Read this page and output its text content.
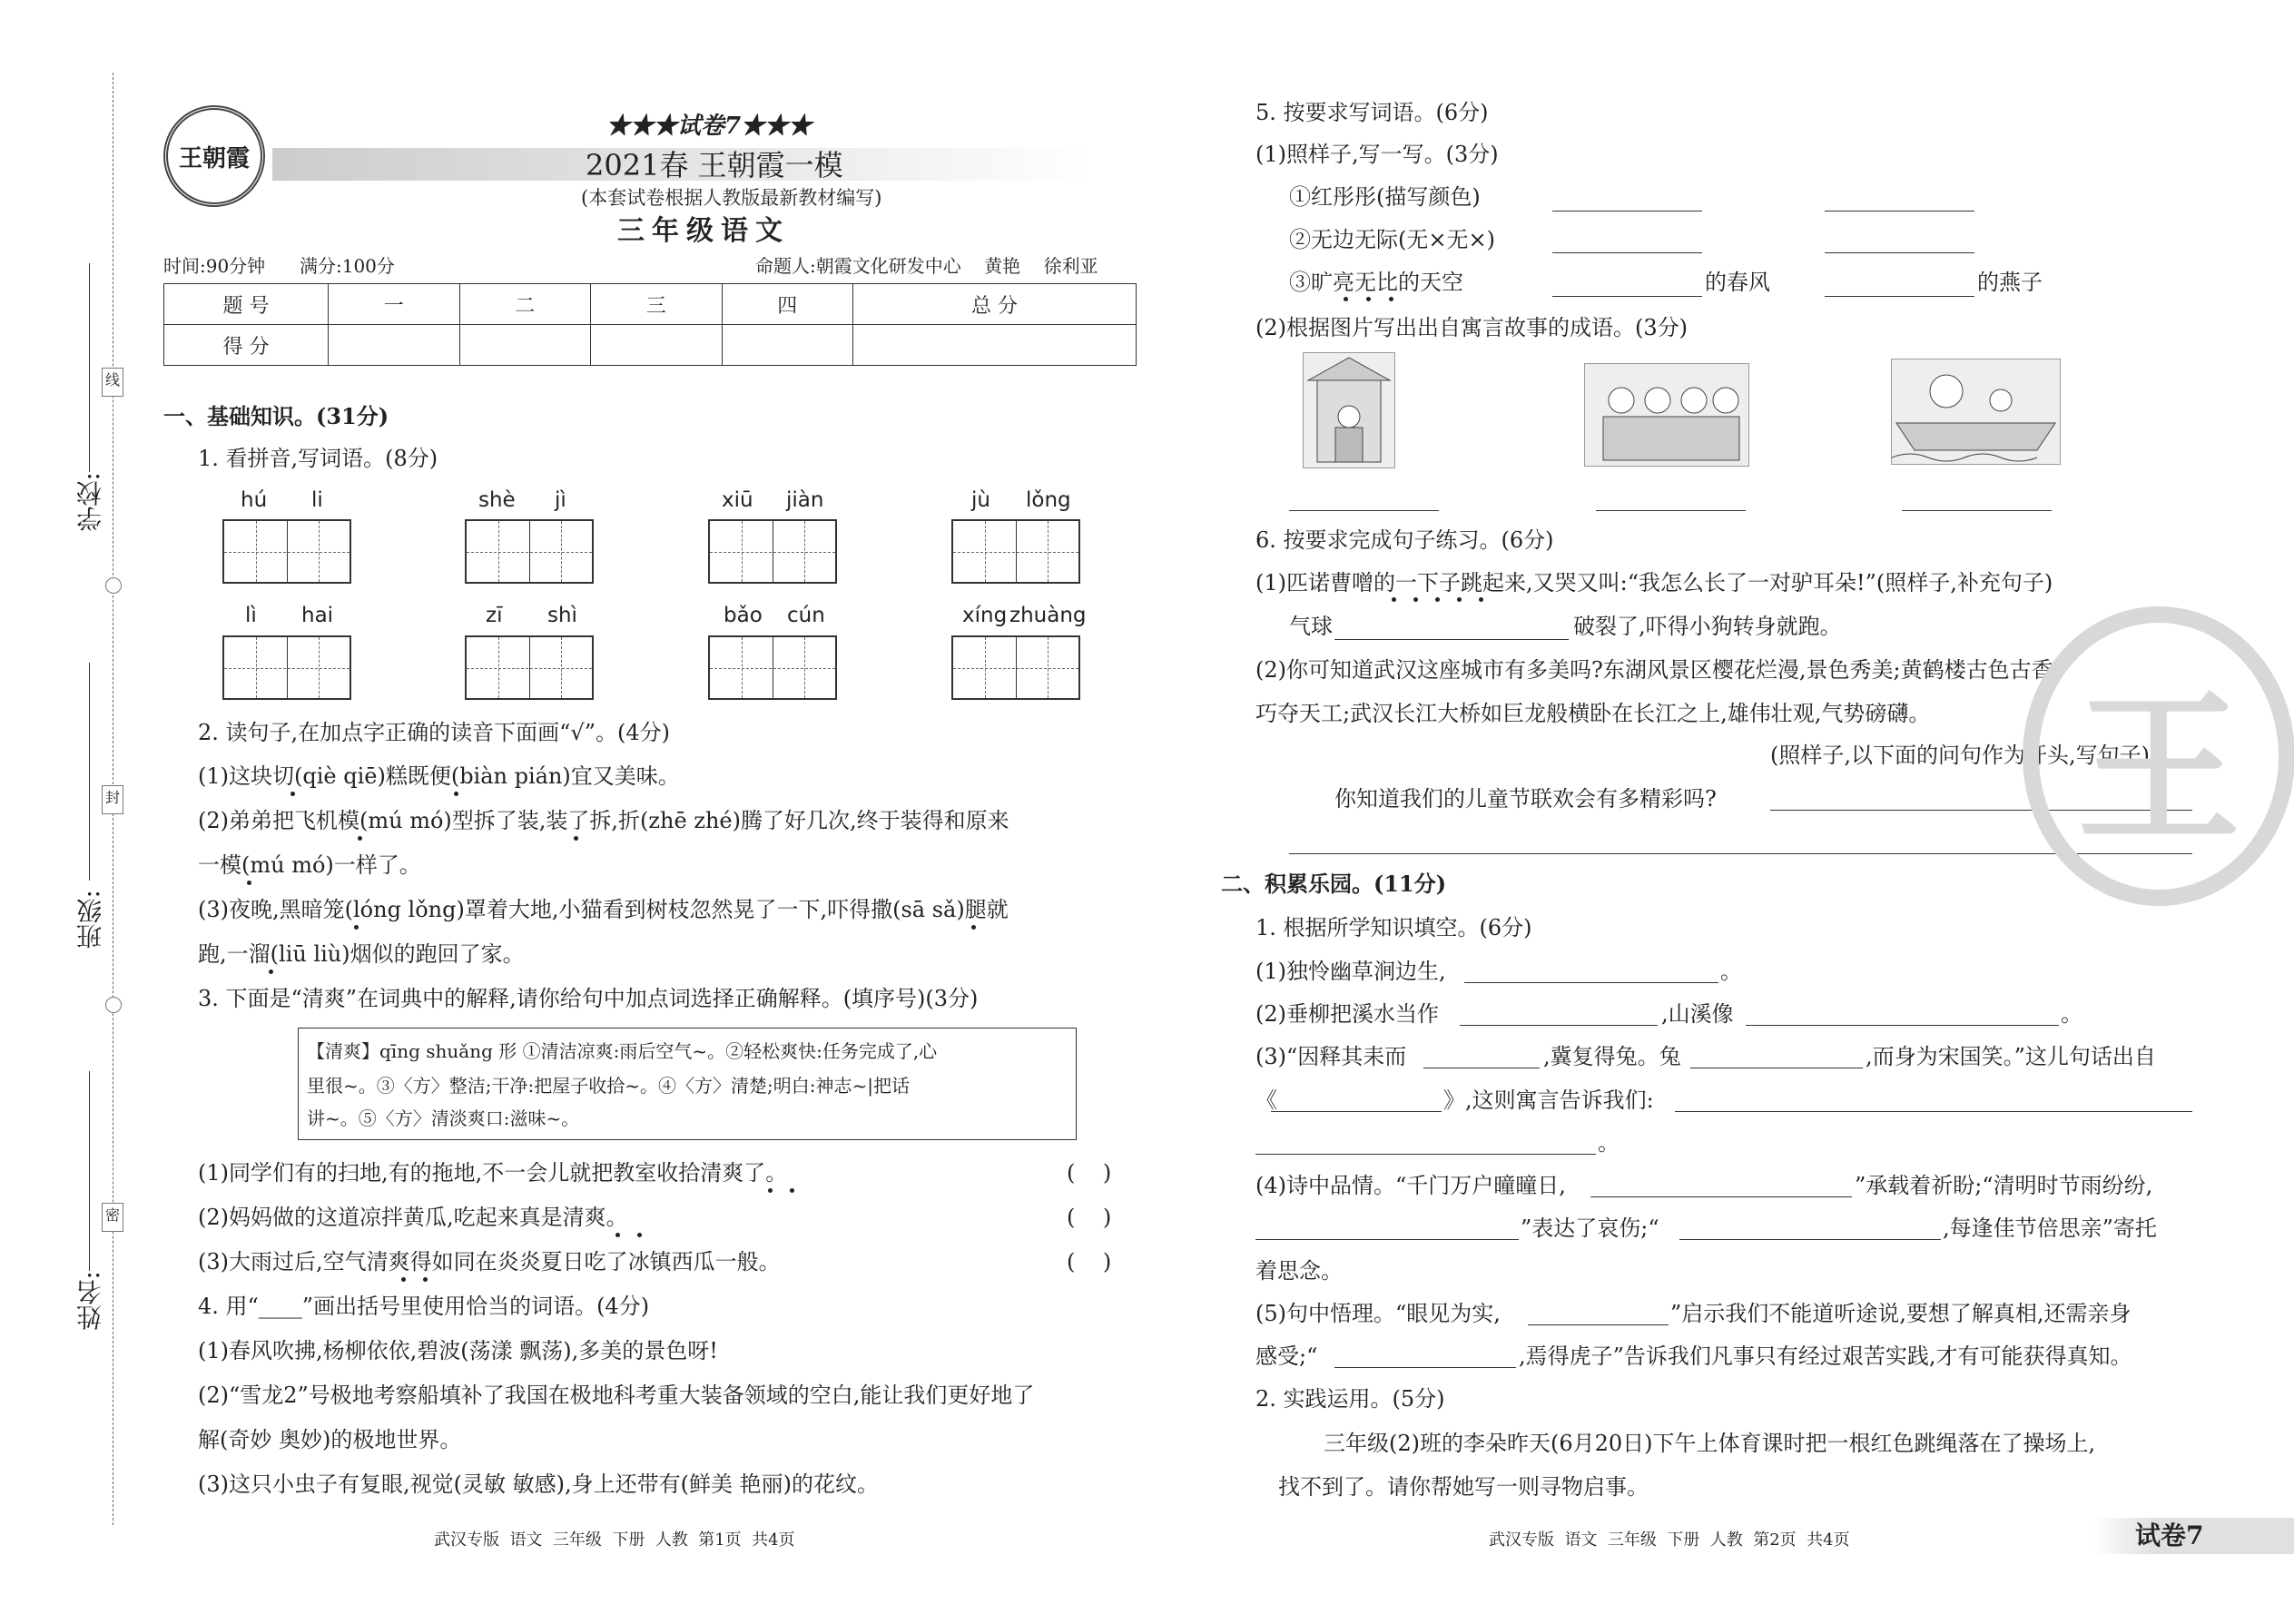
学校:
班级:
姓名:
线
封
密
王朝霞
★★★试卷7★★★
2021春 王朝霞一模
(本套试卷根据人教版最新教材编写)
三年级语文
时间:90分钟 满分:100分	命题人:朝霞文化研发中心    黄艳    徐利亚
题 号	一	二	三	四	总 分
得 分					
一、基础知识。(31分)
1. 看拼音,写词语。(8分)
hú li	shè jì	xiū jiàn	jù lǒng
lì hai	zī shì	bǎo cún	xíng zhuàng
2. 读句子,在加点字正确的读音下面画“√”。(4分)
(1)这块切(qiè qiē)糕既便(biàn pián)宜又美味。
(2)弟弟把飞机模(mú mó)型拆了装,装了拆,折(zhē zhé)腾了好几次,终于装得和原来
一模(mú mó)一样了。
(3)夜晚,黑暗笼(lóng lǒng)罩着大地,小猫看到树枝忽然晃了一下,吓得撒(sā sǎ)腿就
跑,一溜(liū liù)烟似的跑回了家。
3. 下面是“清爽”在词典中的解释,请你给句中加点词选择正确解释。(填序号)(3分)
【清爽】qīng shuǎng 形 ①清洁凉爽:雨后空气~。②轻松爽快:任务完成了,心
里很~。③〈方〉整洁;干净:把屋子收拾~。④〈方〉清楚;明白:神志~|把话
讲~。⑤〈方〉清淡爽口:滋味~。
(1)同学们有的扫地,有的拖地,不一会儿就把教室收拾清爽了。	(    )
(2)妈妈做的这道凉拌黄瓜,吃起来真是清爽。	(    )
(3)大雨过后,空气清爽得如同在炎炎夏日吃了冰镇西瓜一般。	(    )
4. 用“____”画出括号里使用恰当的词语。(4分)
(1)春风吹拂,杨柳依依,碧波(荡漾 飘荡),多美的景色呀!
(2)“雪龙2”号极地考察船填补了我国在极地科考重大装备领域的空白,能让我们更好地了
解(奇妙 奥妙)的极地世界。
(3)这只小虫子有复眼,视觉(灵敏 敏感),身上还带有(鲜美 艳丽)的花纹。
武汉专版  语文  三年级  下册  人教  第1页  共4页
5. 按要求写词语。(6分)
(1)照样子,写一写。(3分)
①红彤彤(描写颜色)
②无边无际(无×无×)
③旷亮无比的天空	的春风	的燕子
(2)根据图片写出出自寓言故事的成语。(3分)
6. 按要求完成句子练习。(6分)
(1)匹诺曹噌的一下子跳起来,又哭又叫:“我怎么长了一对驴耳朵!”(照样子,补充句子)
气球	破裂了,吓得小狗转身就跑。
(2)你可知道武汉这座城市有多美吗?东湖风景区樱花烂漫,景色秀美;黄鹤楼古色古香,
巧夺天工;武汉长江大桥如巨龙般横卧在长江之上,雄伟壮观,气势磅礴。
(照样子,以下面的问句作为开头,写句子)
你知道我们的儿童节联欢会有多精彩吗?
二、积累乐园。(11分)
1. 根据所学知识填空。(6分)
(1)独怜幽草涧边生,	。
(2)垂柳把溪水当作	,山溪像	。
(3)“因释其耒而	,冀复得兔。兔	,而身为宋国笑。”这儿句话出自
《	》,这则寓言告诉我们:
。
(4)诗中品情。“千门万户曈曈日,	”承载着祈盼;“清明时节雨纷纷,
”表达了哀伤;“	,每逢佳节倍思亲”寄托
着思念。
(5)句中悟理。“眼见为实,	”启示我们不能道听途说,要想了解真相,还需亲身
感受;“	,焉得虎子”告诉我们凡事只有经过艰苦实践,才有可能获得真知。
2. 实践运用。(5分)
三年级(2)班的李朵昨天(6月20日)下午上体育课时把一根红色跳绳落在了操场上,
找不到了。请你帮她写一则寻物启事。
武汉专版  语文  三年级  下册  人教  第2页  共4页	试卷7
王
